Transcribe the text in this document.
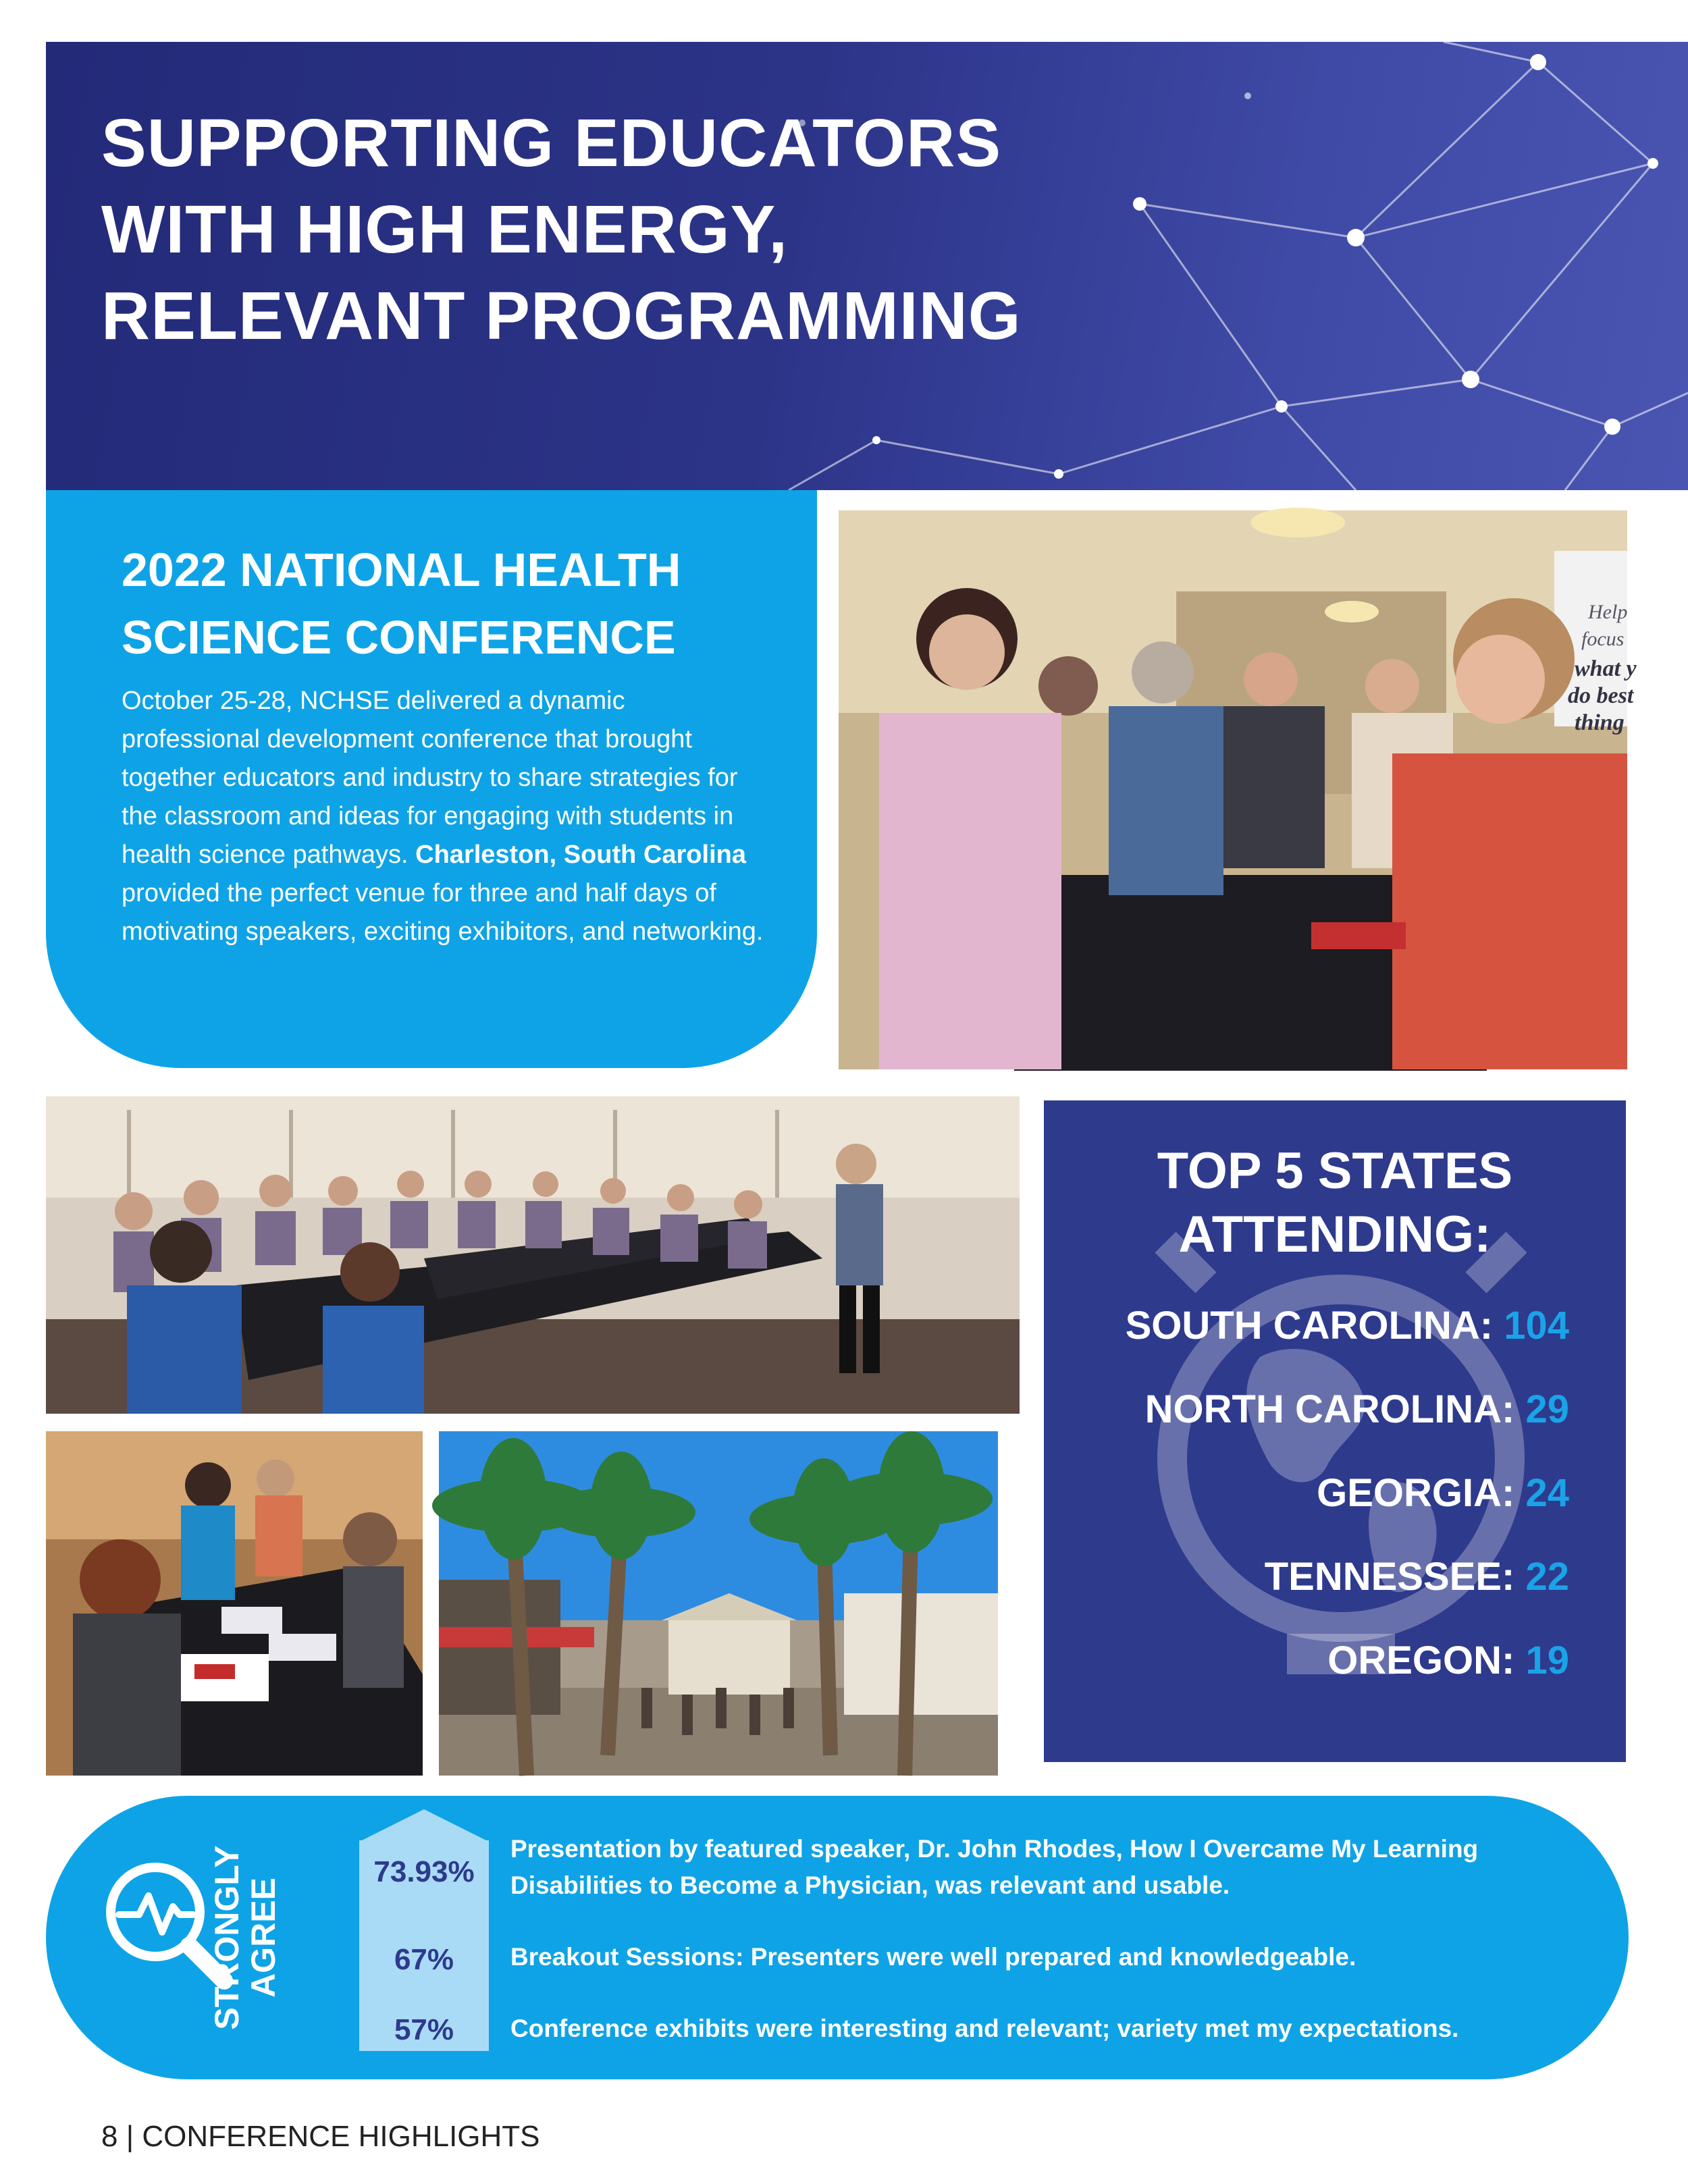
SUPPORTING EDUCATORS
WITH HIGH ENERGY,
RELEVANT PROGRAMMING
2022 NATIONAL HEALTH
SCIENCE CONFERENCE

October 25-28, NCHSE delivered a dynamic professional development conference that brought together educators and industry to share strategies for the classroom and ideas for engaging with students in health science pathways. Charleston, South Carolina provided the perfect venue for three and half days of motivating speakers, exciting exhibitors, and networking.

Help
focus
what y
do best
thing
TOP 5 STATES
ATTENDING:
SOUTH CAROLINA: 104
NORTH CAROLINA: 29
GEORGIA: 24
TENNESSEE: 22
OREGON: 19
STRONGLY
AGREE
73.93%
67%
57%
Presentation by featured speaker, Dr. John Rhodes, How I Overcame My Learning
Disabilities to Become a Physician, was relevant and usable.
Breakout Sessions: Presenters were well prepared and knowledgeable.
Conference exhibits were interesting and relevant; variety met my expectations.
8 | CONFERENCE HIGHLIGHTS
